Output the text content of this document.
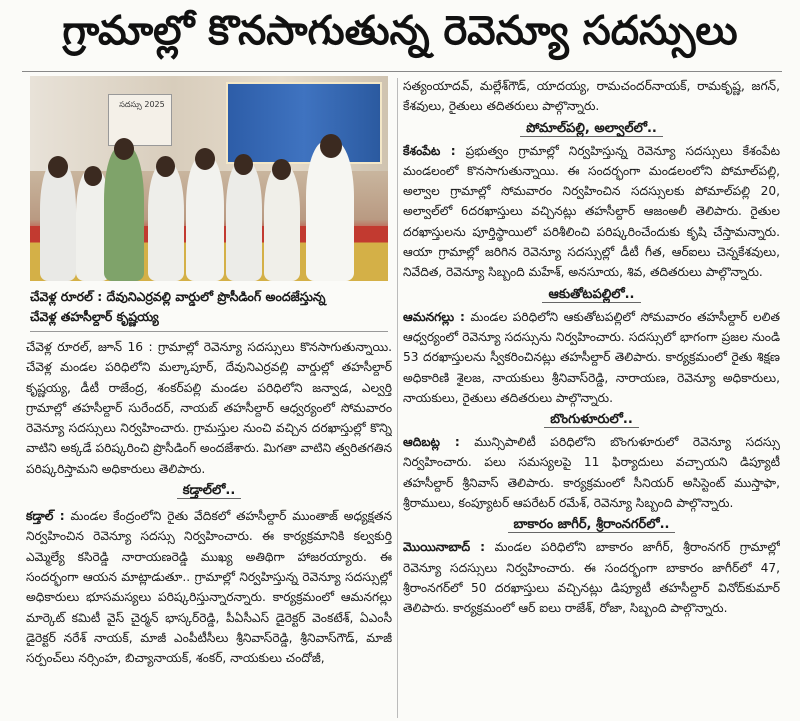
గ్రామాల్లో కొనసాగుతున్న రెవెన్యూ సదస్సులు
చేవెళ్ల రూరల్ : దేవునిఎర్రవల్లి వార్డులో ప్రొసీడింగ్ అందజేస్తున్న
చేవెళ్ల తహసీల్దార్ కృష్ణయ్య

చేవెళ్ల రూరల్, జూన్ 16 : గ్రామాల్లో రెవెన్యూ సదస్సులు కొనసాగుతున్నాయి. చేవెళ్ల మండల పరిధిలోని మల్కాపూర్, దేవునిఎర్రవల్లి వార్డుల్లో తహసీల్దార్ కృష్ణయ్య, డీటీ రాజేంద్ర, శంకర్‌పల్లి మండల పరిధిలోని జన్వాడ, ఎల్వర్తి గ్రామాల్లో తహసీల్దార్ సురేందర్, నాయబ్ తహసీల్దార్ ఆధ్వర్యంలో సోమవారం రెవెన్యూ సదస్సులు నిర్వహించారు. గ్రామస్తుల నుంచి వచ్చిన దరఖాస్తుల్లో కొన్ని వాటిని అక్కడే పరిష్కరించి ప్రొసీడింగ్ అందజేశారు. మిగతా వాటిని త్వరితగతిన పరిష్కరిస్తామని అధికారులు తెలిపారు.

కడ్తాల్‌లో..

కడ్తాల్ : మండల కేంద్రంలోని రైతు వేదికలో తహసీల్దార్ ముంతాజ్ అధ్యక్షతన నిర్వహించిన రెవెన్యూ సదస్సు నిర్వహించారు. ఈ కార్యక్రమానికి కల్వకుర్తి ఎమ్మెల్యే కసిరెడ్డి నారాయణరెడ్డి ముఖ్య అతిథిగా హాజరయ్యారు. ఈ సందర్భంగా ఆయన మాట్లాడుతూ.. గ్రామాల్లో నిర్వహిస్తున్న రెవెన్యూ సదస్సుల్లో అధికారులు భూసమస్యలు పరిష్కరిస్తున్నారన్నారు. కార్యక్రమంలో ఆమనగల్లు మార్కెట్ కమిటీ వైస్ చైర్మన్ భాస్కర్‌రెడ్డి, పీఏసీఎస్ డైరెక్టర్ వెంకటేశ్, ఏఎంసీ డైరెక్టర్ నరేశ్ నాయక్, మాజీ ఎంపీటీసీలు శ్రీనివాస్‌రెడ్డి, శ్రీనివాస్‌గౌడ్, మాజీ సర్పంచ్‌లు నర్సింహ, బిచ్యానాయక్, శంకర్, నాయకులు చందోజీ,

సత్యంయాదవ్, మల్లేశ్‌గౌడ్, యాదయ్య, రామచందర్‌నాయక్, రామకృష్ణ, జగన్, కేశవులు, రైతులు తదితరులు పాల్గొన్నారు.

పోమాల్‌పల్లి, అల్వాల్‌లో..

కేశంపేట : ప్రభుత్వం గ్రామాల్లో నిర్వహిస్తున్న రెవెన్యూ సదస్సులు కేశంపేట మండలంలో కొనసాగుతున్నాయి. ఈ సందర్భంగా మండలంలోని పోమాల్‌పల్లి, అల్వాల గ్రామాల్లో సోమవారం నిర్వహించిన సదస్సులకు పోమాల్‌పల్లి 20, అల్వాల్‌లో 6దరఖాస్తులు వచ్చినట్లు తహసీల్దార్ ఆజంఅలీ తెలిపారు. రైతుల దరఖాస్తులను పూర్తిస్థాయిలో పరిశీలించి పరిష్కరించేందుకు కృషి చేస్తామన్నారు. ఆయా గ్రామాల్లో జరిగిన రెవెన్యూ సదస్సుల్లో డీటీ గీత, ఆర్‌ఐలు చెన్నకేశవులు, నివేదిత, రెవెన్యూ సిబ్బంది మహేశ్, అనసూయ, శివ, తదితరులు పాల్గొన్నారు.

ఆకుతోటపల్లిలో..

ఆమనగల్లు : మండల పరిధిలోని ఆకుతోటపల్లిలో సోమవారం తహసీల్దార్ లలిత ఆధ్వర్యంలో రెవెన్యూ సదస్సును నిర్వహించారు. సదస్సులో భాగంగా ప్రజల నుండి 53 దరఖాస్తులను స్వీకరించినట్లు తహసీల్దార్ తెలిపారు. కార్యక్రమంలో రైతు శిక్షణ అధికారిణి శైలజ, నాయకులు శ్రీనివాస్‌రెడ్డి, నారాయణ, రెవెన్యూ అధికారులు, నాయకులు, రైతులు తదితరులు పాల్గొన్నారు.

బొంగుళూరులో..

ఆదిబట్ల : మున్సిపాలిటీ పరిధిలోని బొంగుళూరులో రెవెన్యూ సదస్సు నిర్వహించారు. పలు సమస్యలపై 11 ఫిర్యాదులు వచ్చాయని డిప్యూటీ తహసీల్దార్ శ్రీనివాస్ తెలిపారు. కార్యక్రమంలో సీనియర్ అసిస్టెంట్ ముస్తాఫా, శ్రీరాములు, కంప్యూటర్ ఆపరేటర్ రమేశ్, రెవెన్యూ సిబ్బంది పాల్గొన్నారు.

బాకారం జాగీర్, శ్రీరాంనగర్‌లో..

మొయినాబాద్ : మండల పరిధిలోని బాకారం జాగీర్, శ్రీరాంనగర్ గ్రామాల్లో రెవెన్యూ సదస్సులు నిర్వహించారు. ఈ సందర్భంగా బాకారం జాగీర్‌లో 47, శ్రీరాంనగర్‌లో 50 దరఖాస్తులు వచ్చినట్లు డిప్యూటీ తహసీల్దార్ వినోద్‌కుమార్ తెలిపారు. కార్యక్రమంలో ఆర్ ఐలు రాజేశ్, రోజా, సిబ్బంది పాల్గొన్నారు.

సదస్సు 2025
